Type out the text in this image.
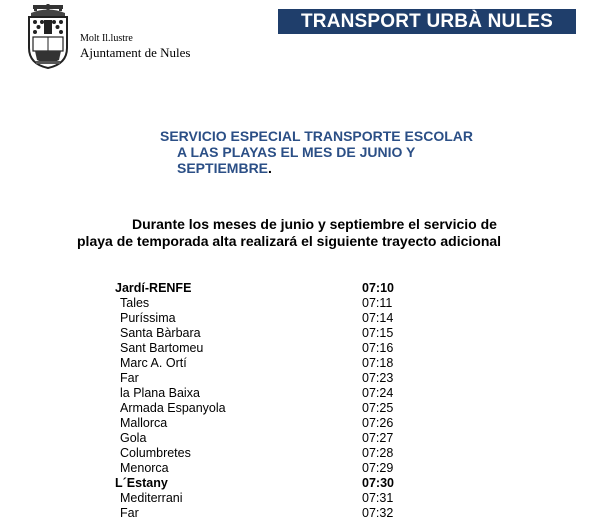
Molt Il.lustre
Ajuntament de Nules
TRANSPORT URBÀ NULES
SERVICIO ESPECIAL TRANSPORTE ESCOLAR
A LAS PLAYAS EL MES DE JUNIO Y
SEPTIEMBRE.
Durante los meses de junio y septiembre el servicio de
playa de temporada alta realizará el siguiente trayecto adicional
Jardí-RENFE	07:10
Tales	07:11
Puríssima	07:14
Santa Bàrbara	07:15
Sant Bartomeu	07:16
Marc A. Ortí	07:18
Far	07:23
la Plana Baixa	07:24
Armada Espanyola	07:25
Mallorca	07:26
Gola	07:27
Columbretes	07:28
Menorca	07:29
L´Estany	07:30
Mediterrani	07:31
Far	07:32
